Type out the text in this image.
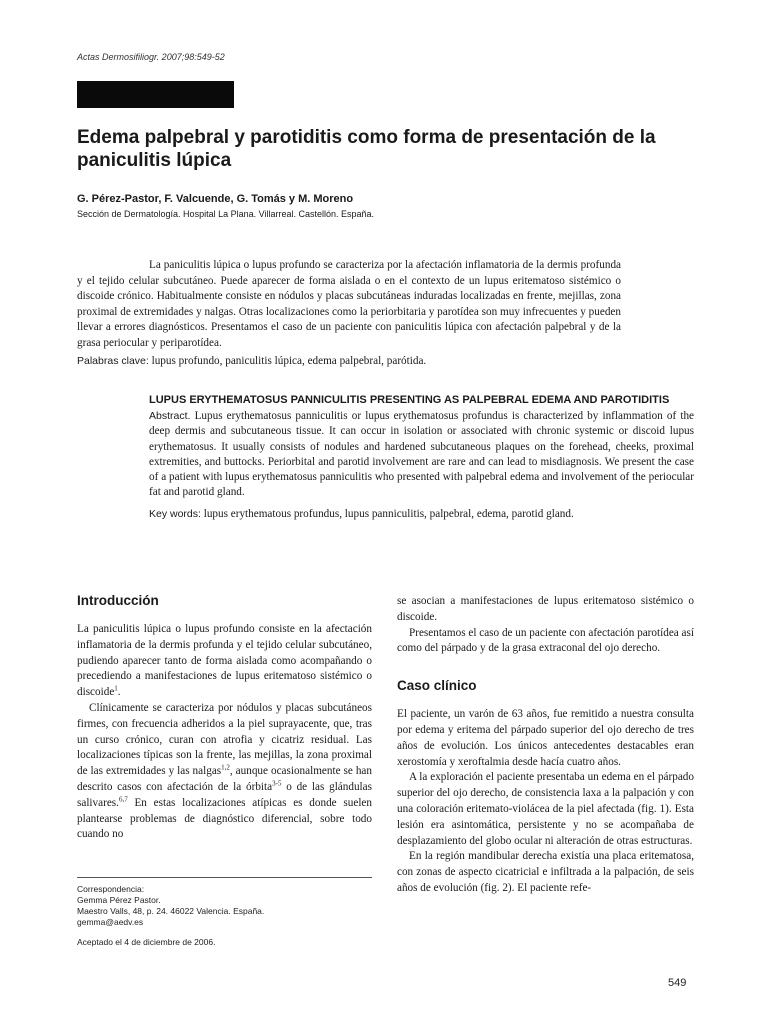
Actas Dermosifiliogr. 2007;98:549-52
Edema palpebral y parotiditis como forma de presentación de la paniculitis lúpica
G. Pérez-Pastor, F. Valcuende, G. Tomás y M. Moreno
Sección de Dermatología. Hospital La Plana. Villarreal. Castellón. España.

La paniculitis lúpica o lupus profundo se caracteriza por la afectación inflamatoria de la dermis profunda y el tejido celular subcutáneo. Puede aparecer de forma aislada o en el contexto de un lupus eritematoso sistémico o discoide crónico. Habitualmente consiste en nódulos y placas subcutáneas induradas localizadas en frente, mejillas, zona proximal de extremidades y nalgas. Otras localizaciones como la periorbitaria y parotídea son muy infrecuentes y pueden llevar a errores diagnósticos. Presentamos el caso de un paciente con paniculitis lúpica con afectación palpebral y de la grasa periocular y periparotídea.

Palabras clave: lupus profundo, paniculitis lúpica, edema palpebral, parótida.

LUPUS ERYTHEMATOSUS PANNICULITIS PRESENTING AS PALPEBRAL EDEMA AND PAROTIDITIS

Abstract. Lupus erythematosus panniculitis or lupus erythematosus profundus is characterized by inflammation of the deep dermis and subcutaneous tissue. It can occur in isolation or associated with chronic systemic or discoid lupus erythematosus. It usually consists of nodules and hardened subcutaneous plaques on the forehead, cheeks, proximal extremities, and buttocks. Periorbital and parotid involvement are rare and can lead to misdiagnosis. We present the case of a patient with lupus erythematosus panniculitis who presented with palpebral edema and involvement of the periocular fat and parotid gland.

Key words: lupus erythematous profundus, lupus panniculitis, palpebral, edema, parotid gland.

Introducción

La paniculitis lúpica o lupus profundo consiste en la afectación inflamatoria de la dermis profunda y el tejido celular subcutáneo, pudiendo aparecer tanto de forma aislada como acompañando o precediendo a manifestaciones de lupus eritematoso sistémico o discoide$^1$.

Clínicamente se caracteriza por nódulos y placas subcutáneos firmes, con frecuencia adheridos a la piel suprayacente, que, tras un curso crónico, curan con atrofia y cicatriz residual. Las localizaciones típicas son la frente, las mejillas, la zona proximal de las extremidades y las nalgas$^{1,2}$, aunque ocasionalmente se han descrito casos con afectación de la órbita$^{3-5}$ o de las glándulas salivares.$^{6,7}$ En estas localizaciones atípicas es donde suelen plantearse problemas de diagnóstico diferencial, sobre todo cuando no

se asocian a manifestaciones de lupus eritematoso sistémico o discoide.

Presentamos el caso de un paciente con afectación parotídea así como del párpado y de la grasa extraconal del ojo derecho.

Caso clínico

El paciente, un varón de 63 años, fue remitido a nuestra consulta por edema y eritema del párpado superior del ojo derecho de tres años de evolución. Los únicos antecedentes destacables eran xerostomía y xeroftalmia desde hacía cuatro años.

A la exploración el paciente presentaba un edema en el párpado superior del ojo derecho, de consistencia laxa a la palpación y con una coloración eritemato-violácea de la piel afectada (fig. 1). Esta lesión era asintomática, persistente y no se acompañaba de desplazamiento del globo ocular ni alteración de otras estructuras.

En la región mandibular derecha existía una placa eritematosa, con zonas de aspecto cicatricial e infiltrada a la palpación, de seis años de evolución (fig. 2). El paciente refe-

Correspondencia:
Gemma Pérez Pastor.
Maestro Valls, 48, p. 24. 46022 Valencia. España.
gemma@aedv.es
Aceptado el 4 de diciembre de 2006.
549
